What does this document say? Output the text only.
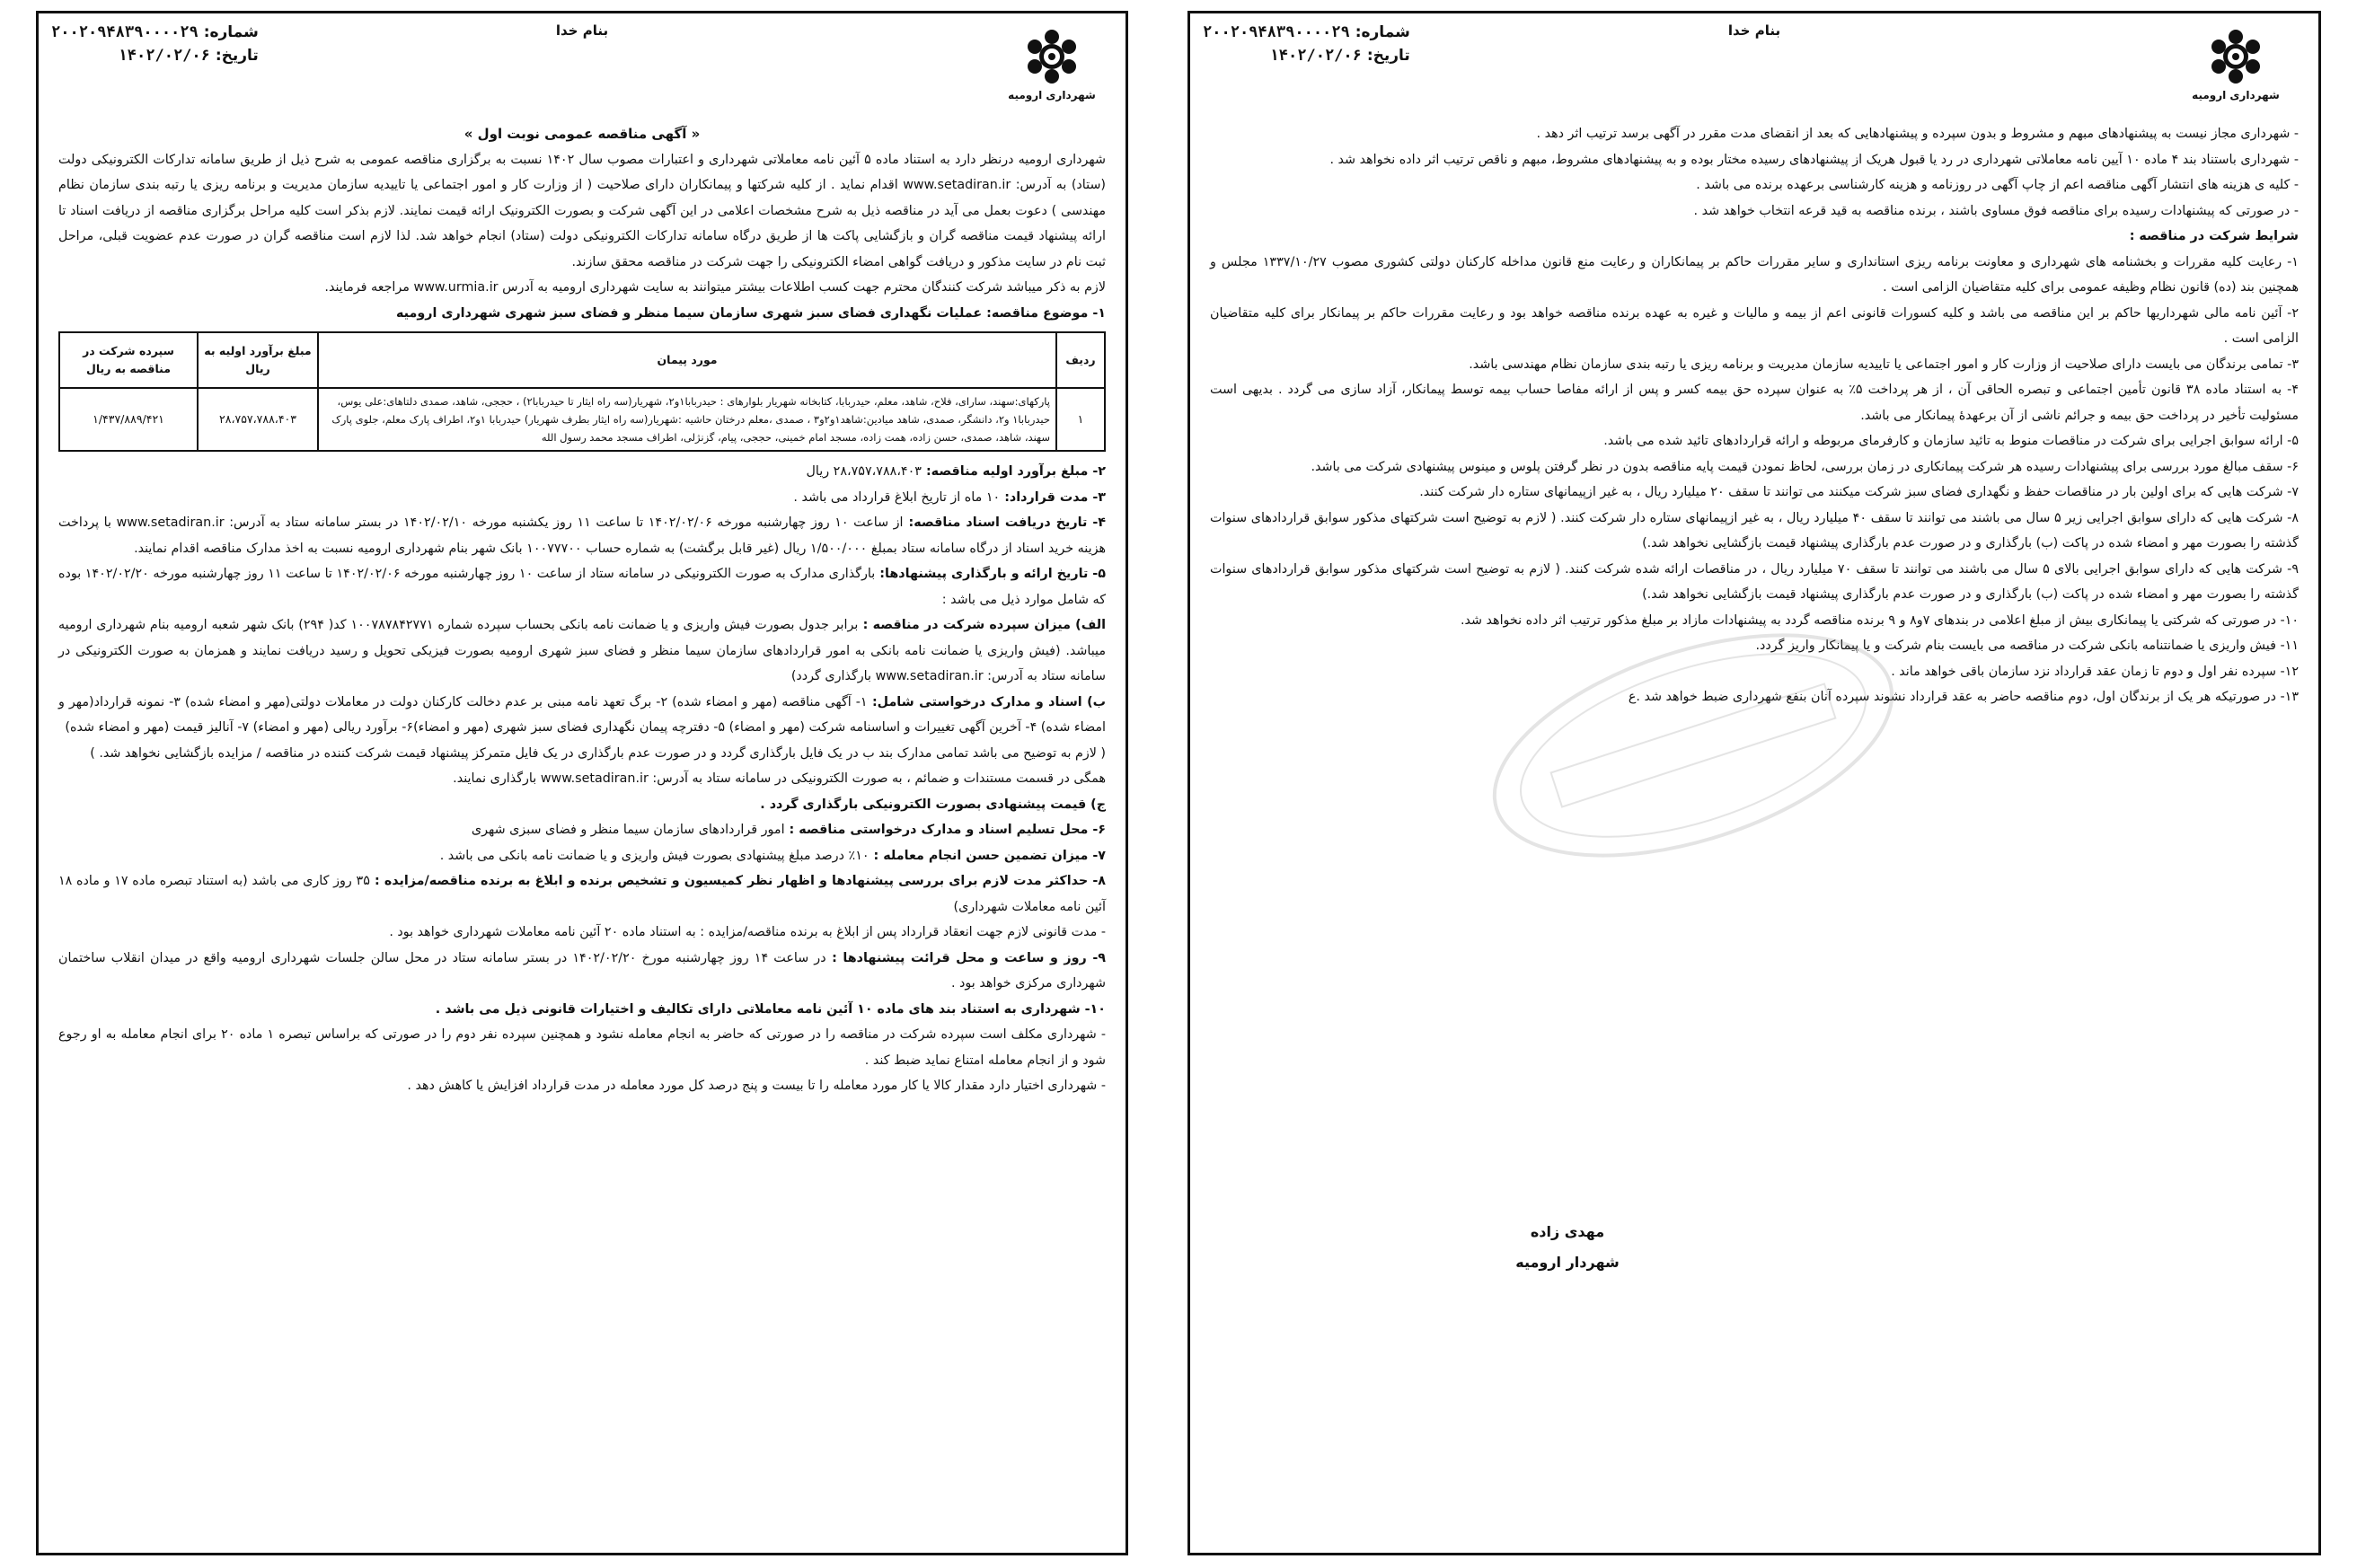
شماره: ۲۰۰۲۰۹۴۸۳۹۰۰۰۰۲۹
تاریخ: ۱۴۰۲/۰۲/۰۶
بنام خدا
شهرداری ارومیه

- شهرداری مجاز نیست به پیشنهادهای مبهم و مشروط و بدون سپرده و پیشنهادهایی که بعد از انقضای مدت مقرر در آگهی برسد ترتیب اثر دهد .

- شهرداری باستناد بند ۴ ماده ۱۰ آیین نامه معاملاتی شهرداری در رد یا قبول هریک از پیشنهادهای رسیده مختار بوده و به پیشنهادهای مشروط، مبهم و ناقص ترتیب اثر داده نخواهد شد .

- کلیه ی هزینه های انتشار آگهی مناقصه اعم از چاپ آگهی در روزنامه و هزینه کارشناسی برعهده برنده می باشد .

- در صورتی که پیشنهادات رسیده برای مناقصه فوق مساوی باشند ، برنده مناقصه به قید قرعه انتخاب خواهد شد .

شرایط شرکت در مناقصه :

۱- رعایت کلیه مقررات و بخشنامه های شهرداری و معاونت برنامه ریزی استانداری و سایر مقررات حاکم بر پیمانکاران و رعایت منع قانون مداخله کارکنان دولتی کشوری مصوب ۱۳۳۷/۱۰/۲۷ مجلس و همچنین بند (ده) قانون نظام وظیفه عمومی برای کلیه متقاضیان الزامی است .

۲- آئین نامه مالی شهرداریها حاکم بر این مناقصه می باشد و کلیه کسورات قانونی اعم از بیمه و مالیات و غیره به عهده برنده مناقصه خواهد بود و رعایت مقررات حاکم بر پیمانکار برای کلیه متقاضیان الزامی است .

۳- تمامی برندگان می بایست دارای صلاحیت از وزارت کار و امور اجتماعی یا تاییدیه سازمان مدیریت و برنامه ریزی یا رتبه بندی سازمان نظام مهندسی باشد.

۴- به استناد ماده ۳۸ قانون تأمین اجتماعی و تبصره الحاقی آن ، از هر پرداخت ۵٪ به عنوان سپرده حق بیمه کسر و پس از ارائه مفاصا حساب بیمه توسط پیمانکار، آزاد سازی می گردد . بدیهی است مسئولیت تأخیر در پرداخت حق بیمه و جرائم ناشی از آن برعهدهٔ پیمانکار می باشد.

۵- ارائه سوابق اجرایی برای شرکت در مناقصات منوط به تائید سازمان و کارفرمای مربوطه و ارائه قراردادهای تائید شده می باشد.

۶- سقف مبالغ مورد بررسی برای پیشنهادات رسیده هر شرکت پیمانکاری در زمان بررسی، لحاظ نمودن قیمت پایه مناقصه بدون در نظر گرفتن پلوس و مینوس پیشنهادی شرکت می باشد.

۷- شرکت هایی که برای اولین بار در مناقصات حفظ و نگهداری فضای سبز شرکت میکنند می توانند تا سقف ۲۰ میلیارد ریال ، به غیر ازپیمانهای ستاره دار شرکت کنند.

۸- شرکت هایی که دارای سوابق اجرایی زیر ۵ سال می باشند می توانند تا سقف ۴۰ میلیارد ریال ، به غیر ازپیمانهای ستاره دار شرکت کنند. ( لازم به توضیح است شرکتهای مذکور سوابق قراردادهای سنوات گذشته را بصورت مهر و امضاء شده در پاکت (ب) بارگذاری و در صورت عدم بارگذاری پیشنهاد قیمت بازگشایی نخواهد شد.)

۹- شرکت هایی که دارای سوابق اجرایی بالای ۵ سال می باشند می توانند تا سقف ۷۰ میلیارد ریال ، در مناقصات ارائه شده شرکت کنند. ( لازم به توضیح است شرکتهای مذکور سوابق قراردادهای سنوات گذشته را بصورت مهر و امضاء شده در پاکت (ب) بارگذاری و در صورت عدم بارگذاری پیشنهاد قیمت بازگشایی نخواهد شد.)

۱۰- در صورتی که شرکتی یا پیمانکاری بیش از مبلغ اعلامی در بندهای ۷و۸ و ۹ برنده مناقصه گردد به پیشنهادات مازاد بر مبلغ مذکور ترتیب اثر داده نخواهد شد.

۱۱- فیش واریزی یا ضمانتنامه بانکی شرکت در مناقصه می بایست بنام شرکت و یا پیمانکار واریز گردد.

۱۲- سپرده نفر اول و دوم تا زمان عقد قرارداد نزد سازمان باقی خواهد ماند .

۱۳- در صورتیکه هر یک از برندگان اول، دوم مناقصه حاضر به عقد قرارداد نشوند سپرده آنان بنفع شهرداری ضبط خواهد شد .ع

مهدی زاده
شهردار ارومیه
شماره: ۲۰۰۲۰۹۴۸۳۹۰۰۰۰۲۹
تاریخ: ۱۴۰۲/۰۲/۰۶
بنام خدا
شهرداری ارومیه

« آگهی مناقصه عمومی نوبت اول »

شهرداری ارومیه درنظر دارد به استناد ماده ۵ آئین نامه معاملاتی شهرداری و اعتبارات مصوب سال ۱۴۰۲ نسبت به برگزاری مناقصه عمومی به شرح ذیل از طریق سامانه تدارکات الکترونیکی دولت (ستاد) به آدرس: www.setadiran.ir اقدام نماید . از کلیه شرکتها و پیمانکاران دارای صلاحیت ( از وزارت کار و امور اجتماعی یا تاییدیه سازمان مدیریت و برنامه ریزی یا رتبه بندی سازمان نظام مهندسی ) دعوت بعمل می آید در مناقصه ذیل به شرح مشخصات اعلامی در این آگهی شرکت و بصورت الکترونیک ارائه قیمت نمایند. لازم بذکر است کلیه مراحل برگزاری مناقصه از دریافت اسناد تا ارائه پیشنهاد قیمت مناقصه گران و بازگشایی پاکت ها از طریق درگاه سامانه تدارکات الکترونیکی دولت (ستاد) انجام خواهد شد. لذا لازم است مناقصه گران در صورت عدم عضویت قبلی، مراحل ثبت نام در سایت مذکور و دریافت گواهی امضاء الکترونیکی را جهت شرکت در مناقصه محقق سازند.

لازم به ذکر میباشد شرکت کنندگان محترم جهت کسب اطلاعات بیشتر میتوانند به سایت شهرداری ارومیه به آدرس www.urmia.ir مراجعه فرمایند.

۱- موضوع مناقصه: عملیات نگهداری فضای سبز شهری سازمان سیما منظر و فضای سبز شهری شهرداری ارومیه

ردیف	مورد پیمان	مبلغ برآورد اولیه به ریال	سپرده شرکت در مناقصه به ریال
۱	پارکهای:سهند، سارای، فلاح، شاهد، معلم، حیدربابا، کتابخانه شهریار بلوارهای : حیدربابا۱و۲، شهریار(سه راه ایثار تا حیدربابا۲) ، حججی، شاهد، صمدی دلتاهای:علی یوس، حیدربابا۱ و۲، دانشگر، صمدی، شاهد میادین:شاهد۱و۲و۳ ، صمدی ،معلم درختان حاشیه :شهریار(سه راه ایثار بطرف شهریار) حیدربابا ۱و۲، اطراف پارک معلم، جلوی پارک سهند، شاهد، صمدی، حسن زاده، همت زاده، مسجد امام خمینی، حججی، پیام، گزنژلی، اطراف مسجد محمد رسول الله	۲۸،۷۵۷،۷۸۸،۴۰۳	۱/۴۳۷/۸۸۹/۴۲۱

۲- مبلغ برآورد اولیه مناقصه: ۲۸،۷۵۷،۷۸۸،۴۰۳ ریال

۳- مدت قرارداد: ۱۰ ماه از تاریخ ابلاغ قرارداد می باشد .

۴- تاریخ دریافت اسناد مناقصه: از ساعت ۱۰ روز چهارشنبه مورخه ۱۴۰۲/۰۲/۰۶ تا ساعت ۱۱ روز یکشنبه مورخه ۱۴۰۲/۰۲/۱۰ در بستر سامانه ستاد به آدرس: www.setadiran.ir با پرداخت هزینه خرید اسناد از درگاه سامانه ستاد بمبلغ ۱/۵۰۰/۰۰۰ ریال (غیر قابل برگشت) به شماره حساب ۱۰۰۷۷۷۰۰ بانک شهر بنام شهرداری ارومیه نسبت به اخذ مدارک مناقصه اقدام نمایند.

۵- تاریخ ارائه و بارگذاری پیشنهادها: بارگذاری مدارک به صورت الکترونیکی در سامانه ستاد از ساعت ۱۰ روز چهارشنبه مورخه ۱۴۰۲/۰۲/۰۶ تا ساعت ۱۱ روز چهارشنبه مورخه ۱۴۰۲/۰۲/۲۰ بوده که شامل موارد ذیل می باشد :

الف) میزان سپرده شرکت در مناقصه : برابر جدول بصورت فیش واریزی و یا ضمانت نامه بانکی بحساب سپرده شماره ۱۰۰۷۸۷۸۴۲۷۷۱ کد( ۲۹۴) بانک شهر شعبه ارومیه بنام شهرداری ارومیه میباشد. (فیش واریزی یا ضمانت نامه بانکی به امور قراردادهای سازمان سیما منظر و فضای سبز شهری ارومیه بصورت فیزیکی تحویل و رسید دریافت نمایند و همزمان به صورت الکترونیکی در سامانه ستاد به آدرس: www.setadiran.ir بارگذاری گردد)

ب) اسناد و مدارک درخواستی شامل: ۱- آگهی مناقصه (مهر و امضاء شده) ۲- برگ تعهد نامه مبنی بر عدم دخالت کارکنان دولت در معاملات دولتی(مهر و امضاء شده) ۳- نمونه قرارداد(مهر و امضاء شده) ۴- آخرین آگهی تغییرات و اساسنامه شرکت (مهر و امضاء) ۵- دفترچه پیمان نگهداری فضای سبز شهری (مهر و امضاء)۶- برآورد ریالی (مهر و امضاء) ۷- آنالیز قیمت (مهر و امضاء شده)

( لازم به توضیح می باشد تمامی مدارک بند ب در یک فایل بارگذاری گردد و در صورت عدم بارگذاری در یک فایل متمرکز پیشنهاد قیمت شرکت کننده در مناقصه / مزایده بازگشایی نخواهد شد. )

همگی در قسمت مستندات و ضمائم ، به صورت الکترونیکی در سامانه ستاد به آدرس: www.setadiran.ir بارگذاری نمایند.

ج) قیمت پیشنهادی بصورت الکترونیکی بارگذاری گردد .

۶- محل تسلیم اسناد و مدارک درخواستی مناقصه : امور قراردادهای سازمان سیما منظر و فضای سبزی شهری

۷- میزان تضمین حسن انجام معامله : ۱۰٪ درصد مبلغ پیشنهادی بصورت فیش واریزی و یا ضمانت نامه بانکی می باشد .

۸- حداکثر مدت لازم برای بررسی پیشنهادها و اظهار نظر کمیسیون و تشخیص برنده و ابلاغ به برنده مناقصه/مزایده : ۳۵ روز کاری می باشد (به استناد تبصره ماده ۱۷ و ماده ۱۸ آئین نامه معاملات شهرداری)

- مدت قانونی لازم جهت انعقاد قرارداد پس از ابلاغ به برنده مناقصه/مزایده : به استناد ماده ۲۰ آئین نامه معاملات شهرداری خواهد بود .

۹- روز و ساعت و محل قرائت پیشنهادها : در ساعت ۱۴ روز چهارشنبه مورخ ۱۴۰۲/۰۲/۲۰ در بستر سامانه ستاد در محل سالن جلسات شهرداری ارومیه واقع در میدان انقلاب ساختمان شهرداری مرکزی خواهد بود .

۱۰- شهرداری به استناد بند های ماده ۱۰ آئین نامه معاملاتی دارای تکالیف و اختیارات قانونی ذیل می باشد .

- شهرداری مکلف است سپرده شرکت در مناقصه را در صورتی که حاضر به انجام معامله نشود و همچنین سپرده نفر دوم را در صورتی که براساس تبصره ۱ ماده ۲۰ برای انجام معامله به او رجوع شود و از انجام معامله امتناع نماید ضبط کند .

- شهرداری اختیار دارد مقدار کالا یا کار مورد معامله را تا بیست و پنج درصد کل مورد معامله در مدت قرارداد افزایش یا کاهش دهد .
